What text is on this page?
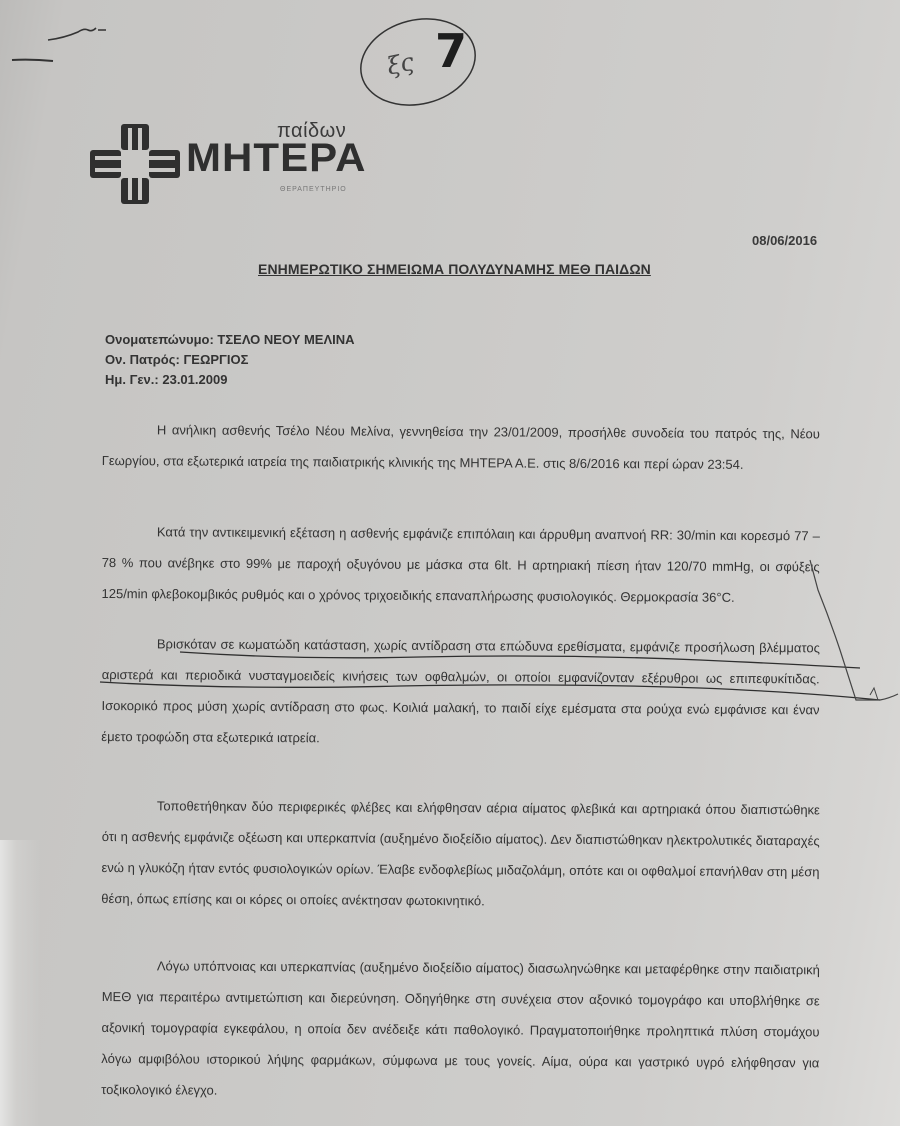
ξς 7
παίδων
MHTEPA
ΘΕΡΑΠΕΥΤΗΡΙΟ
08/06/2016
ΕΝΗΜΕΡΩΤΙΚΟ ΣΗΜΕΙΩΜΑ ΠΟΛΥΔΥΝΑΜΗΣ ΜΕΘ ΠΑΙΔΩΝ
Ονοματεπώνυμο: ΤΣΕΛΟ ΝΕΟΥ ΜΕΛΙΝΑ
Ον. Πατρός: ΓΕΩΡΓΙΟΣ
Ημ. Γεν.: 23.01.2009

Η ανήλικη ασθενής Τσέλο Νέου Μελίνα, γεννηθείσα την 23/01/2009, προσήλθε συνοδεία του πατρός της, Νέου Γεωργίου, στα εξωτερικά ιατρεία της παιδιατρικής κλινικής της ΜΗΤΕΡΑ Α.Ε. στις 8/6/2016 και περί ώραν 23:54.

Κατά την αντικειμενική εξέταση η ασθενής εμφάνιζε επιπόλαιη και άρρυθμη αναπνοή RR: 30/min και κορεσμό 77 – 78 % που ανέβηκε στο 99% με παροχή οξυγόνου με μάσκα στα 6lt. Η αρτηριακή πίεση ήταν 120/70 mmHg, οι σφύξεις 125/min φλεβοκομβικός ρυθμός και ο χρόνος τριχοειδικής επαναπλήρωσης φυσιολογικός. Θερμοκρασία 36°C.

Βρισκόταν σε κωματώδη κατάσταση, χωρίς αντίδραση στα επώδυνα ερεθίσματα, εμφάνιζε προσήλωση βλέμματος αριστερά και περιοδικά νυσταγμοειδείς κινήσεις των οφθαλμών, οι οποίοι εμφανίζονταν εξέρυθροι ως επιπεφυκίτιδας. Ισοκορικό προς μύση χωρίς αντίδραση στο φως. Κοιλιά μαλακή, το παιδί είχε εμέσματα στα ρούχα ενώ εμφάνισε και έναν έμετο τροφώδη στα εξωτερικά ιατρεία.

Τοποθετήθηκαν δύο περιφερικές φλέβες και ελήφθησαν αέρια αίματος φλεβικά και αρτηριακά όπου διαπιστώθηκε ότι η ασθενής εμφάνιζε οξέωση και υπερκαπνία (αυξημένο διοξείδιο αίματος). Δεν διαπιστώθηκαν ηλεκτρολυτικές διαταραχές ενώ η γλυκόζη ήταν εντός φυσιολογικών ορίων. Έλαβε ενδοφλεβίως μιδαζολάμη, οπότε και οι οφθαλμοί επανήλθαν στη μέση θέση, όπως επίσης και οι κόρες οι οποίες ανέκτησαν φωτοκινητικό.

Λόγω υπόπνοιας και υπερκαπνίας (αυξημένο διοξείδιο αίματος) διασωληνώθηκε και μεταφέρθηκε στην παιδιατρική ΜΕΘ για περαιτέρω αντιμετώπιση και διερεύνηση. Οδηγήθηκε στη συνέχεια στον αξονικό τομογράφο και υποβλήθηκε σε αξονική τομογραφία εγκεφάλου, η οποία δεν ανέδειξε κάτι παθολογικό. Πραγματοποιήθηκε προληπτικά πλύση στομάχου λόγω αμφιβόλου ιστορικού λήψης φαρμάκων, σύμφωνα με τους γονείς. Αίμα, ούρα και γαστρικό υγρό ελήφθησαν για τοξικολογικό έλεγχο.
